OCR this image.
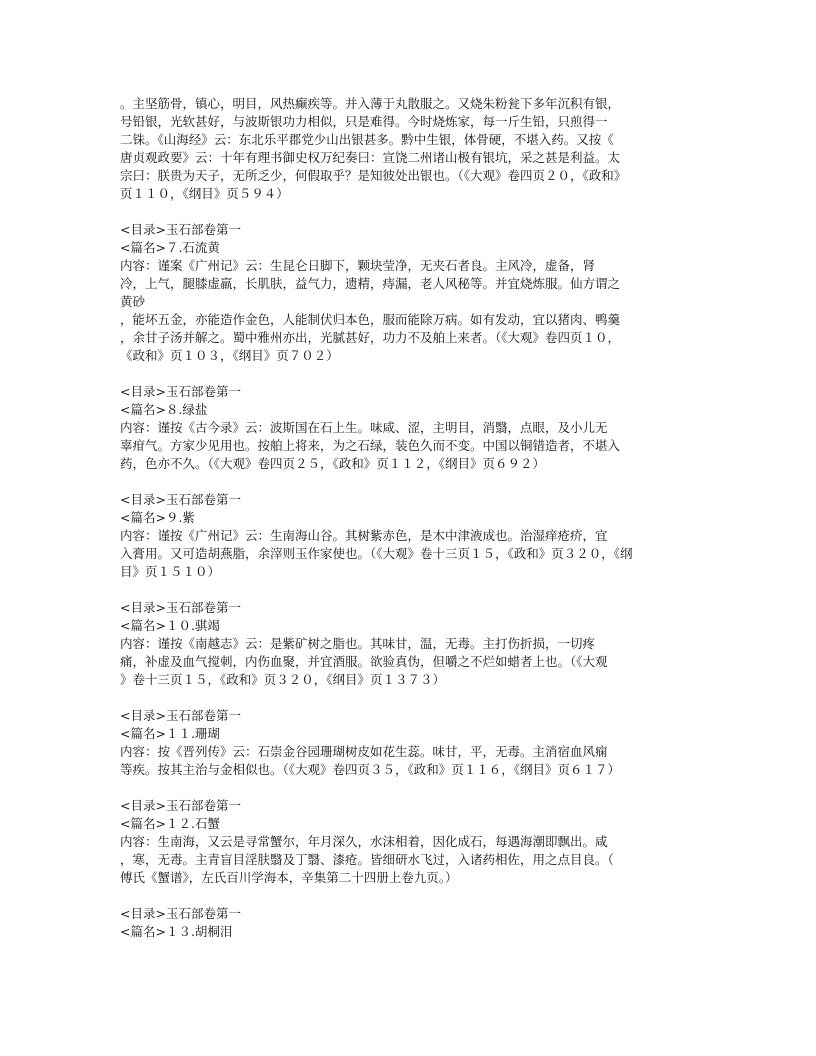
。主坚筋骨，镇心，明目，风热癫疾等。并入薄于丸散服之。又烧朱粉瓮下多年沉积有银，
号铅银，光软甚好，与波斯银功力相似，只是难得。今时烧炼家，每一斤生铅，只煎得一
二铢。《山海经》云：东北乐平郡党少山出银甚多。黔中生银，体骨硬，不堪入药。又按《
唐贞观政要》云：十年有理书御史权万纪奏曰：宣饶二州诸山极有银坑，采之甚是利益。太
宗曰：朕贵为天子，无所乏少，何假取乎？是知彼处出银也。（《大观》卷四页２０，《政和》
页１１０，《纲目》页５９４）
<目录>玉石部卷第一
<篇名>７.石流黄
内容：谨案《广州记》云：生昆仑日脚下，颗块莹净，无夹石者良。主风冷，虚备，肾
冷，上气，腿膝虚羸，长肌肤，益气力，遗精，痔漏，老人风秘等。并宜烧炼服。仙方谓之
黄砂
，能坏五金，亦能造作金色，人能制伏归本色，服而能除万病。如有发动，宜以猪肉、鸭羹
，余甘子汤并解之。蜀中雅州亦出，光腻甚好，功力不及舶上来者。（《大观》卷四页１０，
《政和》页１０３，《纲目》页７０２）
<目录>玉石部卷第一
<篇名>８.绿盐
内容：谨按《古今录》云：波斯国在石上生。味咸、涩，主明目，消翳，点眼，及小儿无
辜疳气。方家少见用也。按舶上将来，为之石绿，装色久而不变。中国以铜错造者，不堪入
药，色亦不久。（《大观》卷四页２５，《政和》页１１２，《纲目》页６９２）
<目录>玉石部卷第一
<篇名>９.紫
内容：谨按《广州记》云：生南海山谷。其树紫赤色，是木中津液成也。治湿痒疮疥，宜
入膏用。又可造胡燕脂，余滓则玉作家使也。（《大观》卷十三页１５，《政和》页３２０，《纲
目》页１５１０）
<目录>玉石部卷第一
<篇名>１０.骐竭
内容：谨按《南越志》云：是紫矿树之脂也。其味甘，温，无毒。主打伤折损，一切疼
痛，补虚及血气搅刺，内伤血聚，并宜酒服。欲验真伪，但嚼之不烂如蜡者上也。（《大观
》卷十三页１５，《政和》页３２０，《纲目》页１３７３）
<目录>玉石部卷第一
<篇名>１１.珊瑚
内容：按《晋列传》云：石崇金谷园珊瑚树皮如花生蕊。味甘，平，无毒。主消宿血风痫
等疾。按其主治与金相似也。（《大观》卷四页３５，《政和》页１１６，《纲目》页６１７）
<目录>玉石部卷第一
<篇名>１２.石蟹
内容：生南海，又云是寻常蟹尔，年月深久，水沫相着，因化成石，每遇海潮即飘出。咸
，寒，无毒。主青盲目淫肤翳及丁翳、漆疮。皆细研水飞过，入诸药相佐，用之点目良。（
傅氏《蟹谱》，左氏百川学海本，辛集第二十四册上卷九页。）
<目录>玉石部卷第一
<篇名>１３.胡桐泪
